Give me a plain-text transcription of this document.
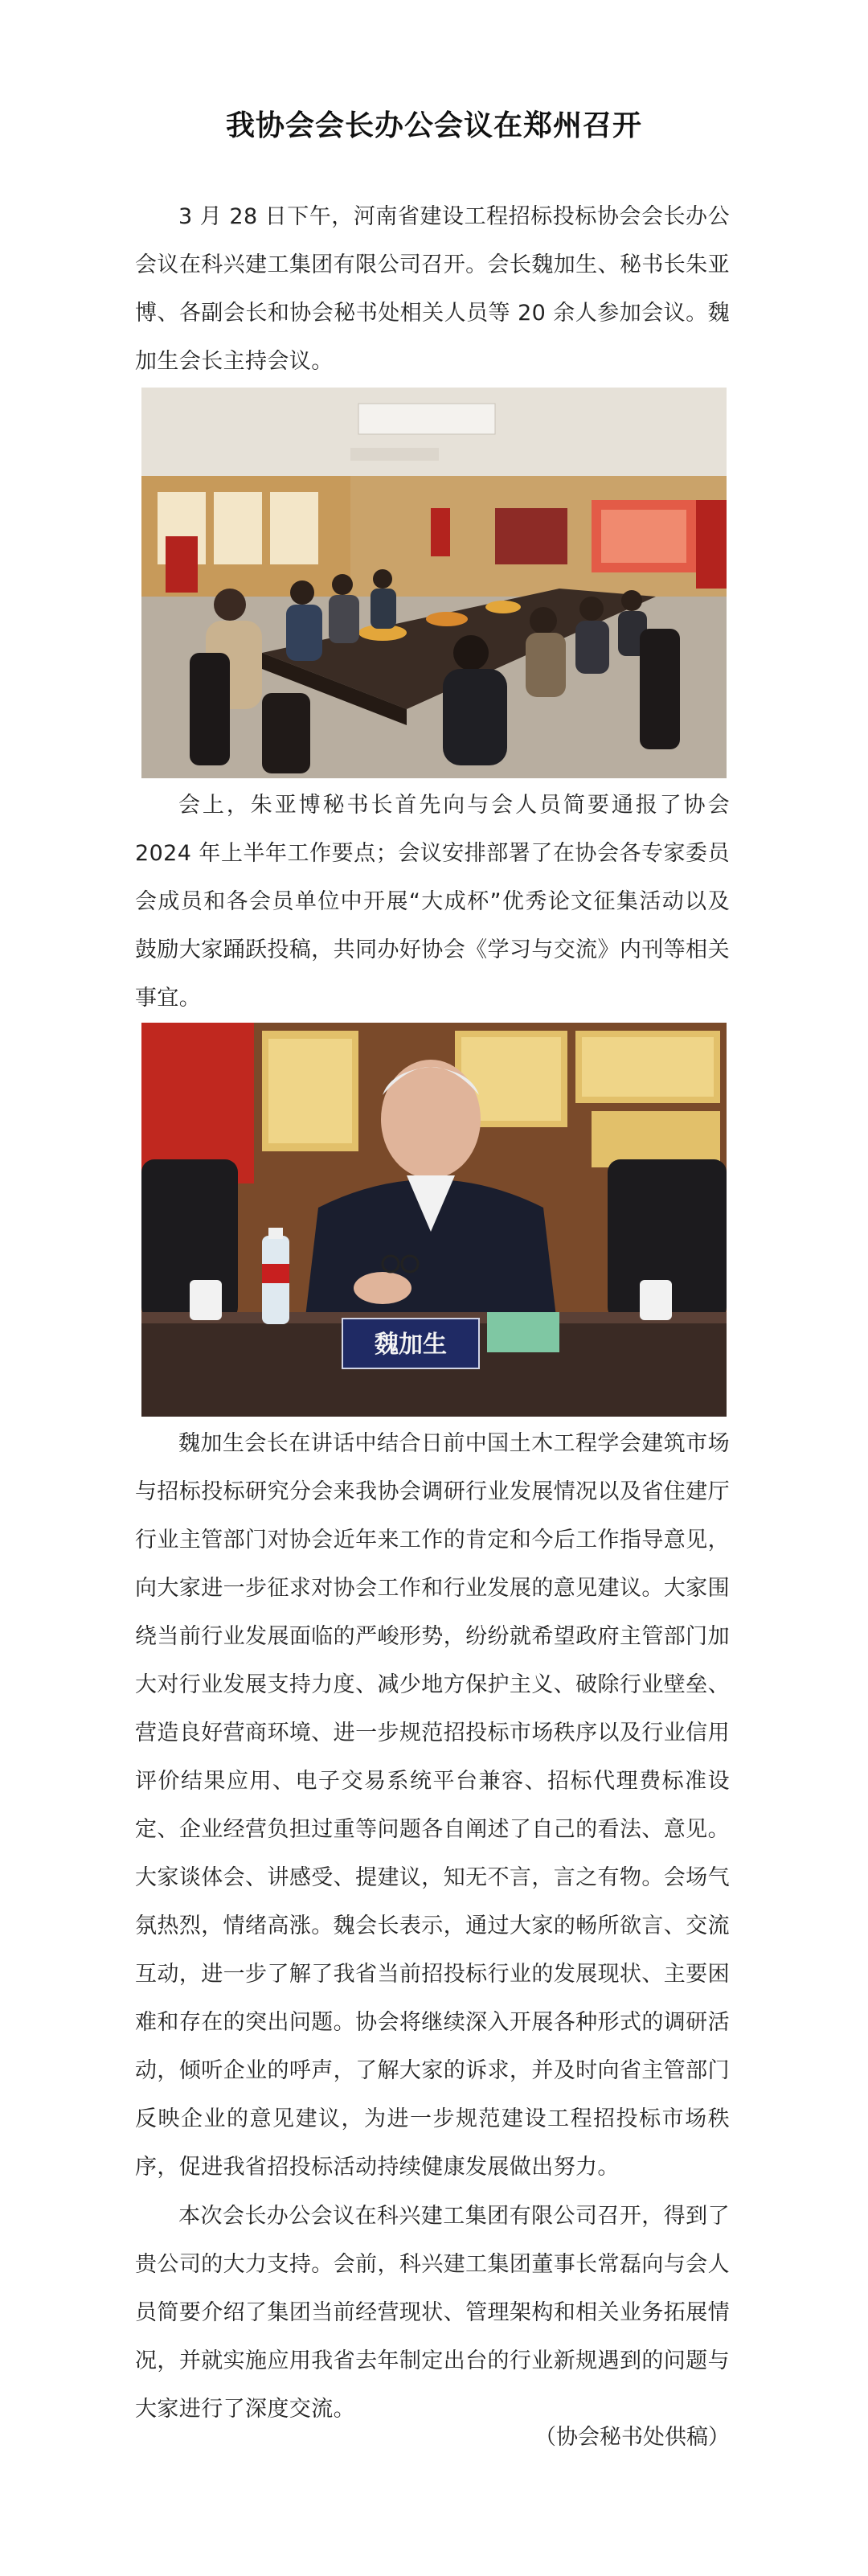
我协会会长办公会议在郑州召开
3 月 28 日下午，河南省建设工程招标投标协会会长办公会议在科兴建工集团有限公司召开。会长魏加生、秘书长朱亚博、各副会长和协会秘书处相关人员等 20 余人参加会议。魏加生会长主持会议。
会上，朱亚博秘书长首先向与会人员简要通报了协会 2024 年上半年工作要点；会议安排部署了在协会各专家委员会成员和各会员单位中开展“大成杯”优秀论文征集活动以及鼓励大家踊跃投稿，共同办好协会《学习与交流》内刊等相关事宜。
魏加生
魏加生会长在讲话中结合日前中国土木工程学会建筑市场与招标投标研究分会来我协会调研行业发展情况以及省住建厅行业主管部门对协会近年来工作的肯定和今后工作指导意见，向大家进一步征求对协会工作和行业发展的意见建议。大家围绕当前行业发展面临的严峻形势，纷纷就希望政府主管部门加大对行业发展支持力度、减少地方保护主义、破除行业壁垒、营造良好营商环境、进一步规范招投标市场秩序以及行业信用评价结果应用、电子交易系统平台兼容、招标代理费标准设定、企业经营负担过重等问题各自阐述了自己的看法、意见。大家谈体会、讲感受、提建议，知无不言，言之有物。会场气氛热烈，情绪高涨。魏会长表示，通过大家的畅所欲言、交流互动，进一步了解了我省当前招投标行业的发展现状、主要困难和存在的突出问题。协会将继续深入开展各种形式的调研活动，倾听企业的呼声，了解大家的诉求，并及时向省主管部门反映企业的意见建议，为进一步规范建设工程招投标市场秩序，促进我省招投标活动持续健康发展做出努力。
本次会长办公会议在科兴建工集团有限公司召开，得到了贵公司的大力支持。会前，科兴建工集团董事长常磊向与会人员简要介绍了集团当前经营现状、管理架构和相关业务拓展情况，并就实施应用我省去年制定出台的行业新规遇到的问题与大家进行了深度交流。
（协会秘书处供稿）
